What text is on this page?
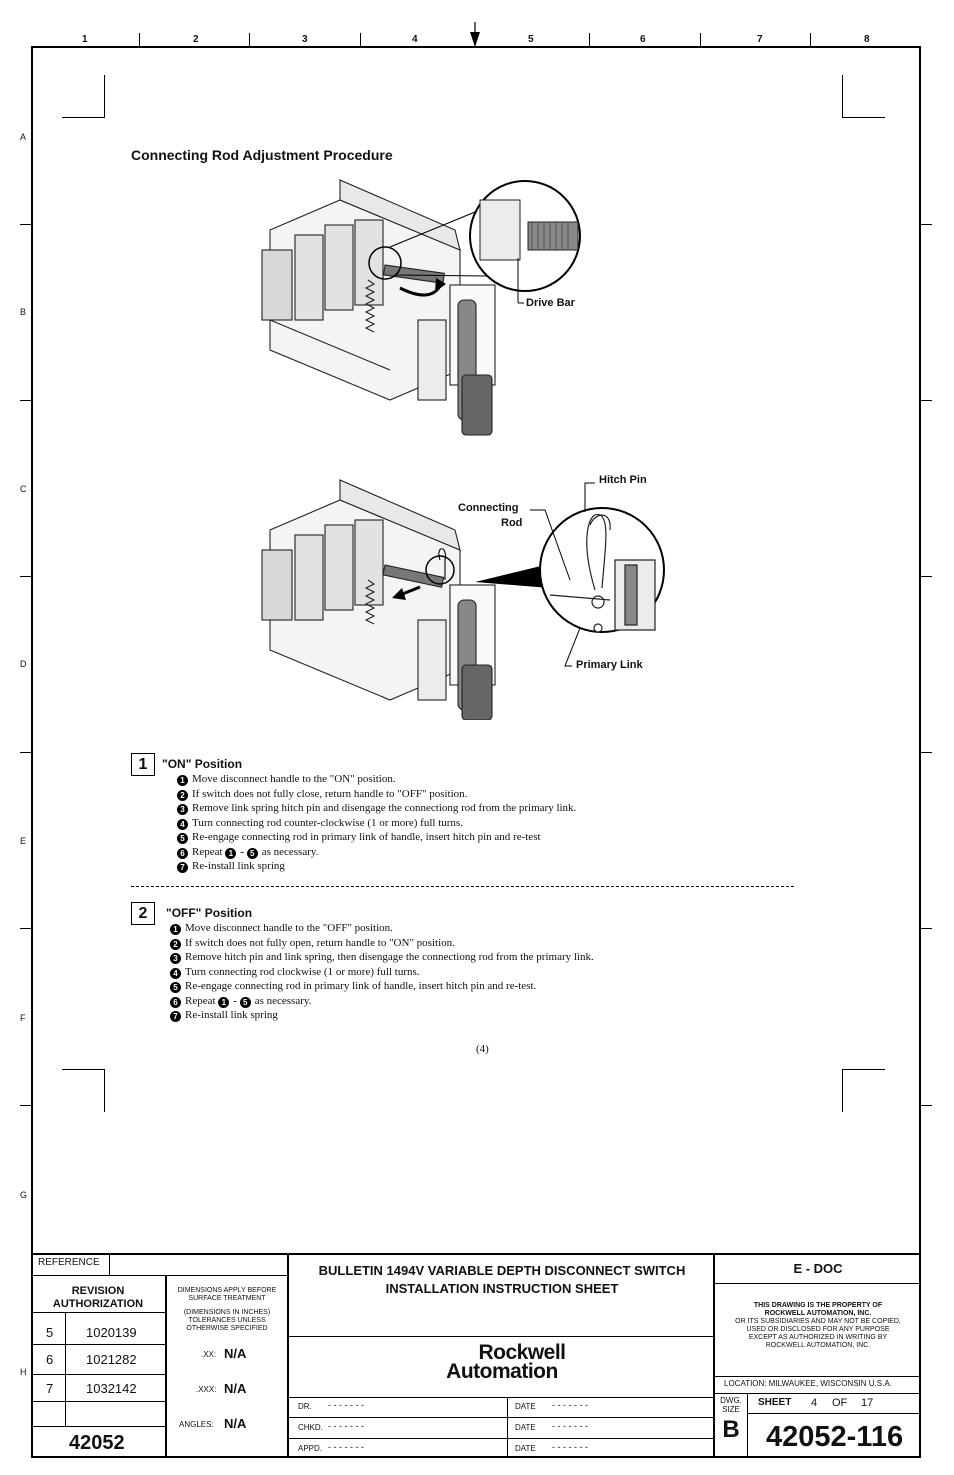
1	2	3	4	5	6	7	8
A
B
C
D
E
F
G
H
Connecting Rod Adjustment Procedure
Drive Bar
Hitch Pin
Connecting
Rod
Primary Link
1	"ON" Position
1 Move disconnect handle to the "ON" position.
2 If switch does not fully close, return handle to "OFF" position.
3 Remove link spring hitch pin and disengage the connectiong rod from the primary link.
4 Turn connecting rod counter-clockwise (1 or more) full turns.
5 Re-engage connecting rod in primary link of handle, insert hitch pin and re-test
6 Repeat 1 - 5 as necessary.
7 Re-install link spring
2	"OFF" Position
1 Move disconnect handle to the "OFF" position.
2 If switch does not fully open, return handle to "ON" position.
3 Remove hitch pin and link spring, then disengage the connectiong rod from the primary link.
4 Turn connecting rod clockwise (1 or more) full turns.
5 Re-engage connecting rod in primary link of handle, insert hitch pin and re-test.
6 Repeat 1 - 5 as necessary.
7 Re-install link spring
(4)
REFERENCE
REVISION
AUTHORIZATION
5	1020139
6	1021282
7	1032142
42052
DIMENSIONS APPLY BEFORE
SURFACE TREATMENT
(DIMENSIONS IN INCHES)
TOLERANCES UNLESS
OTHERWISE SPECIFIED
.XX: N/A
.XXX: N/A
ANGLES: N/A
BULLETIN 1494V VARIABLE DEPTH DISCONNECT SWITCH
INSTALLATION INSTRUCTION SHEET
Rockwell
Automation
DR. - - - - - - -
CHKD. - - - - - - -
APPD. - - - - - - -
DATE - - - - - - -
DATE - - - - - - -
DATE - - - - - - -
E - DOC
THIS DRAWING IS THE PROPERTY OF
ROCKWELL AUTOMATION, INC.
OR ITS SUBSIDIARIES AND MAY NOT BE COPIED,
USED OR DISCLOSED FOR ANY PURPOSE
EXCEPT AS AUTHORIZED IN WRITING BY
ROCKWELL AUTOMATION, INC.
LOCATION: MILWAUKEE, WISCONSIN U.S.A.
DWG.
SIZE
B
SHEET 4 OF 17
42052-116
